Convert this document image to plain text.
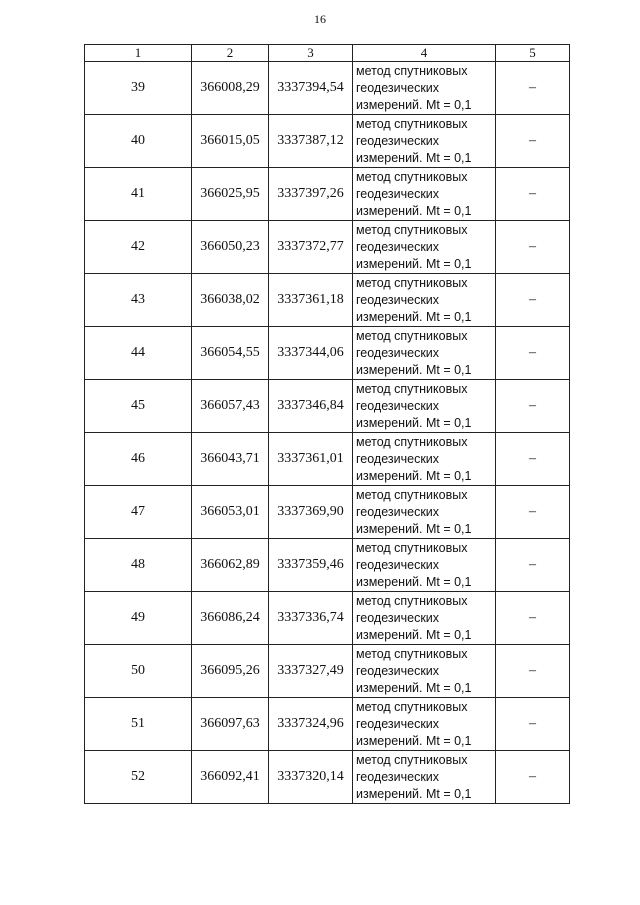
16
1	2	3	4	5
39	366008,29	3337394,54	метод спутниковых
геодезических
измерений. Mt = 0,1	–
40	366015,05	3337387,12	метод спутниковых
геодезических
измерений. Mt = 0,1	–
41	366025,95	3337397,26	метод спутниковых
геодезических
измерений. Mt = 0,1	–
42	366050,23	3337372,77	метод спутниковых
геодезических
измерений. Mt = 0,1	–
43	366038,02	3337361,18	метод спутниковых
геодезических
измерений. Mt = 0,1	–
44	366054,55	3337344,06	метод спутниковых
геодезических
измерений. Mt = 0,1	–
45	366057,43	3337346,84	метод спутниковых
геодезических
измерений. Mt = 0,1	–
46	366043,71	3337361,01	метод спутниковых
геодезических
измерений. Mt = 0,1	–
47	366053,01	3337369,90	метод спутниковых
геодезических
измерений. Mt = 0,1	–
48	366062,89	3337359,46	метод спутниковых
геодезических
измерений. Mt = 0,1	–
49	366086,24	3337336,74	метод спутниковых
геодезических
измерений. Mt = 0,1	–
50	366095,26	3337327,49	метод спутниковых
геодезических
измерений. Mt = 0,1	–
51	366097,63	3337324,96	метод спутниковых
геодезических
измерений. Mt = 0,1	–
52	366092,41	3337320,14	метод спутниковых
геодезических
измерений. Mt = 0,1	–
